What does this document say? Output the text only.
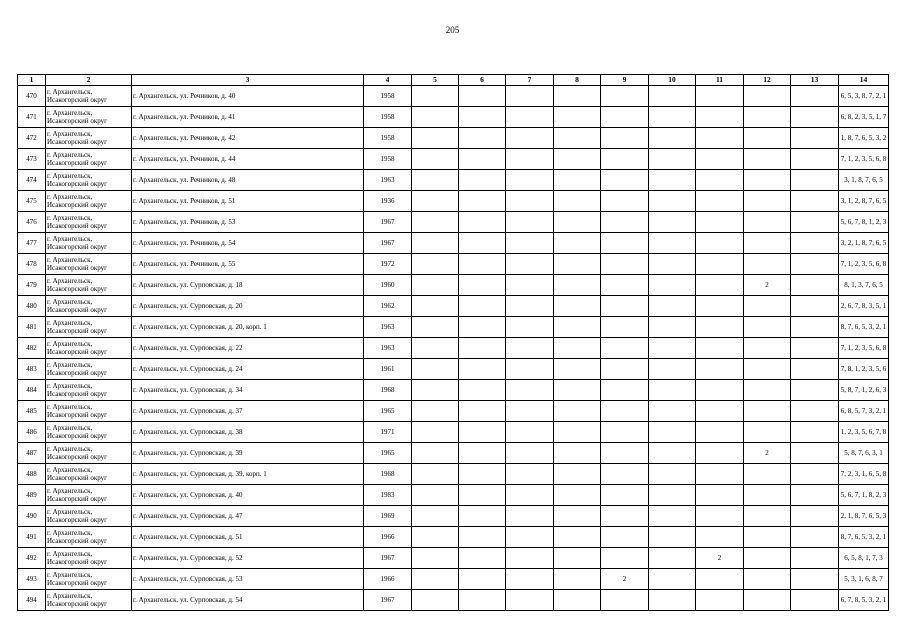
205
1	2	3	4	5	6	7	8	9	10	11	12	13	14
470	г. Архангельск,
Исакогорский округ	г. Архангельск, ул. Речников, д. 40	1958										6, 5, 3, 8, 7, 2, 1
471	г. Архангельск,
Исакогорский округ	г. Архангельск, ул. Речников, д. 41	1958										6, 8, 2, 3, 5, 1, 7
472	г. Архангельск,
Исакогорский округ	г. Архангельск, ул. Речников, д. 42	1958										1, 8, 7, 6, 5, 3, 2
473	г. Архангельск,
Исакогорский округ	г. Архангельск, ул. Речников, д. 44	1958										7, 1, 2, 3, 5, 6, 8
474	г. Архангельск,
Исакогорский округ	г. Архангельск, ул. Речников, д. 48	1963										3, 1, 8, 7, 6, 5
475	г. Архангельск,
Исакогорский округ	г. Архангельск, ул. Речников, д. 51	1936										3, 1, 2, 8, 7, 6, 5
476	г. Архангельск,
Исакогорский округ	г. Архангельск, ул. Речников, д. 53	1967										5, 6, 7, 8, 1, 2, 3
477	г. Архангельск,
Исакогорский округ	г. Архангельск, ул. Речников, д. 54	1967										3, 2, 1, 8, 7, 6, 5
478	г. Архангельск,
Исакогорский округ	г. Архангельск, ул. Речников, д. 55	1972										7, 1, 2, 3, 5, 6, 8
479	г. Архангельск,
Исакогорский округ	г. Архангельск, ул. Сурповская, д. 18	1960								2		8, 1, 3, 7, 6, 5
480	г. Архангельск,
Исакогорский округ	г. Архангельск, ул. Сурповская, д. 20	1962										2, 6, 7, 8, 3, 5, 1
481	г. Архангельск,
Исакогорский округ	г. Архангельск, ул. Сурповская, д. 20, корп. 1	1963										8, 7, 6, 5, 3, 2, 1
482	г. Архангельск,
Исакогорский округ	г. Архангельск, ул. Сурповская, д. 22	1963										7, 1, 2, 3, 5, 6, 8
483	г. Архангельск,
Исакогорский округ	г. Архангельск, ул. Сурповская, д. 24	1961										7, 8, 1, 2, 3, 5, 6
484	г. Архангельск,
Исакогорский округ	г. Архангельск, ул. Сурповская, д. 34	1968										5, 8, 7, 1, 2, 6, 3
485	г. Архангельск,
Исакогорский округ	г. Архангельск, ул. Сурповская, д. 37	1965										6, 8, 5, 7, 3, 2, 1
486	г. Архангельск,
Исакогорский округ	г. Архангельск, ул. Сурповская, д. 38	1971										1, 2, 3, 5, 6, 7, 8
487	г. Архангельск,
Исакогорский округ	г. Архангельск, ул. Сурповская, д. 39	1965								2		5, 8, 7, 6, 3, 1
488	г. Архангельск,
Исакогорский округ	г. Архангельск, ул. Сурповская, д. 39, корп. 1	1968										7, 2, 3, 1, 6, 5, 8
489	г. Архангельск,
Исакогорский округ	г. Архангельск, ул. Сурповская, д. 40	1983										5, 6, 7, 1, 8, 2, 3
490	г. Архангельск,
Исакогорский округ	г. Архангельск, ул. Сурповская, д. 47	1969										2, 1, 8, 7, 6, 5, 3
491	г. Архангельск,
Исакогорский округ	г. Архангельск, ул. Сурповская, д. 51	1966										8, 7, 6, 5, 3, 2, 1
492	г. Архангельск,
Исакогорский округ	г. Архангельск, ул. Сурповская, д. 52	1967							2			6, 5, 8, 1, 7, 3
493	г. Архангельск,
Исакогорский округ	г. Архангельск, ул. Сурповская, д. 53	1966					2					5, 3, 1, 6, 8, 7
494	г. Архангельск,
Исакогорский округ	г. Архангельск, ул. Сурповская, д. 54	1967										6, 7, 8, 5, 3, 2, 1
